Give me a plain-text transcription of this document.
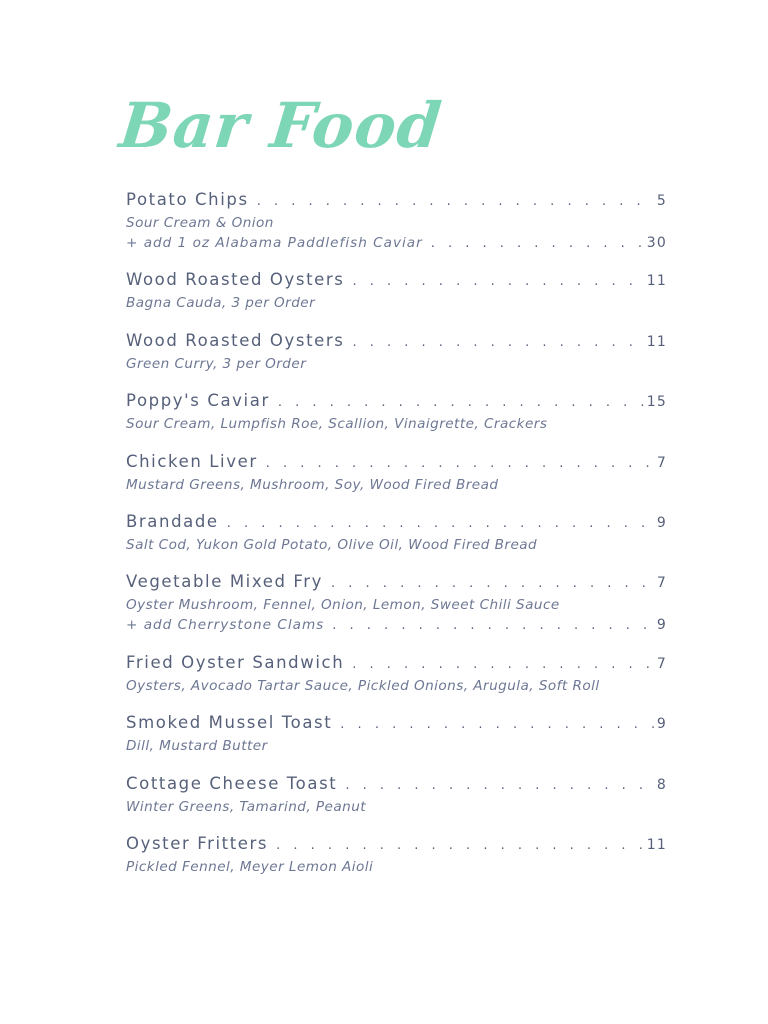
Bar Food
Potato Chips . . .	5
Sour Cream & Onion
+ add 1 oz Alabama Paddlefish Caviar . . .	30
Wood Roasted Oysters . . .	11
Bagna Cauda, 3 per Order
Wood Roasted Oysters . . .	11
Green Curry, 3 per Order
Poppy's Caviar . . .	15
Sour Cream, Lumpfish Roe, Scallion, Vinaigrette, Crackers
Chicken Liver . . .	7
Mustard Greens, Mushroom, Soy, Wood Fired Bread
Brandade . . .	9
Salt Cod, Yukon Gold Potato, Olive Oil, Wood Fired Bread
Vegetable Mixed Fry . . .	7
Oyster Mushroom, Fennel, Onion, Lemon, Sweet Chili Sauce
+ add Cherrystone Clams . . .	9
Fried Oyster Sandwich . . .	7
Oysters, Avocado Tartar Sauce, Pickled Onions, Arugula, Soft Roll
Smoked Mussel Toast . . .	9
Dill, Mustard Butter
Cottage Cheese Toast . . .	8
Winter Greens, Tamarind, Peanut
Oyster Fritters . . .	11
Pickled Fennel, Meyer Lemon Aioli
